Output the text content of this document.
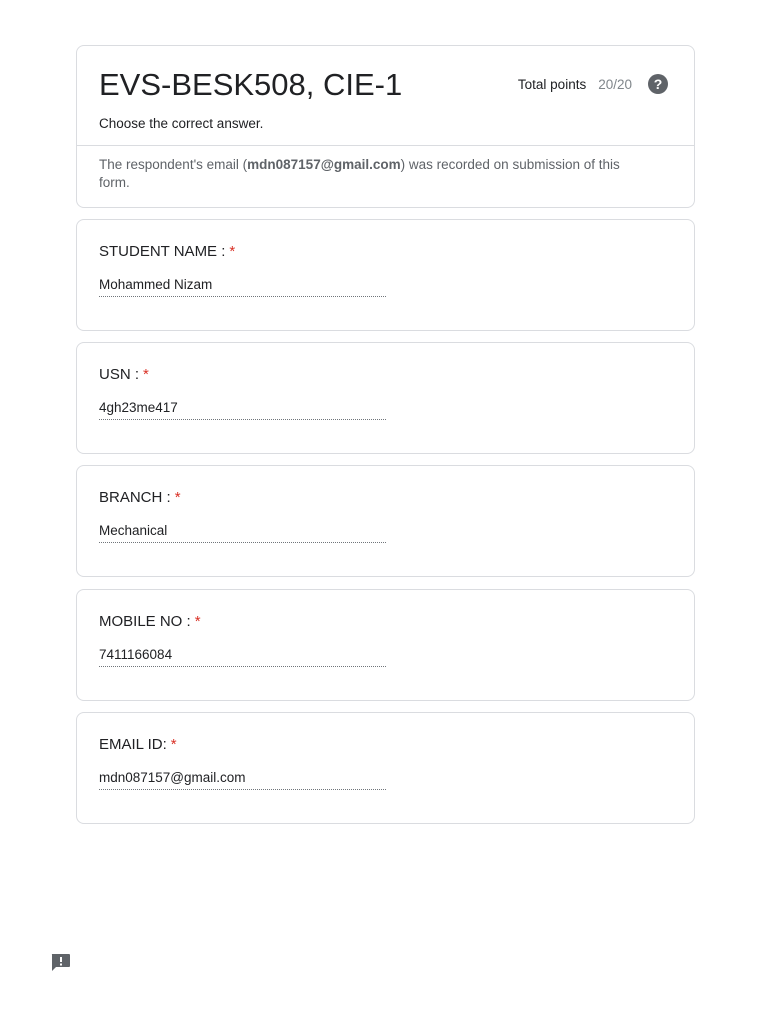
EVS-BESK508, CIE-1	Total points 20/20	?
Choose the correct answer.
The respondent's email (mdn087157@gmail.com) was recorded on submission of this form.
STUDENT NAME : *
Mohammed Nizam
USN : *
4gh23me417
BRANCH : *
Mechanical
MOBILE NO : *
7411166084
EMAIL ID: *
mdn087157@gmail.com
